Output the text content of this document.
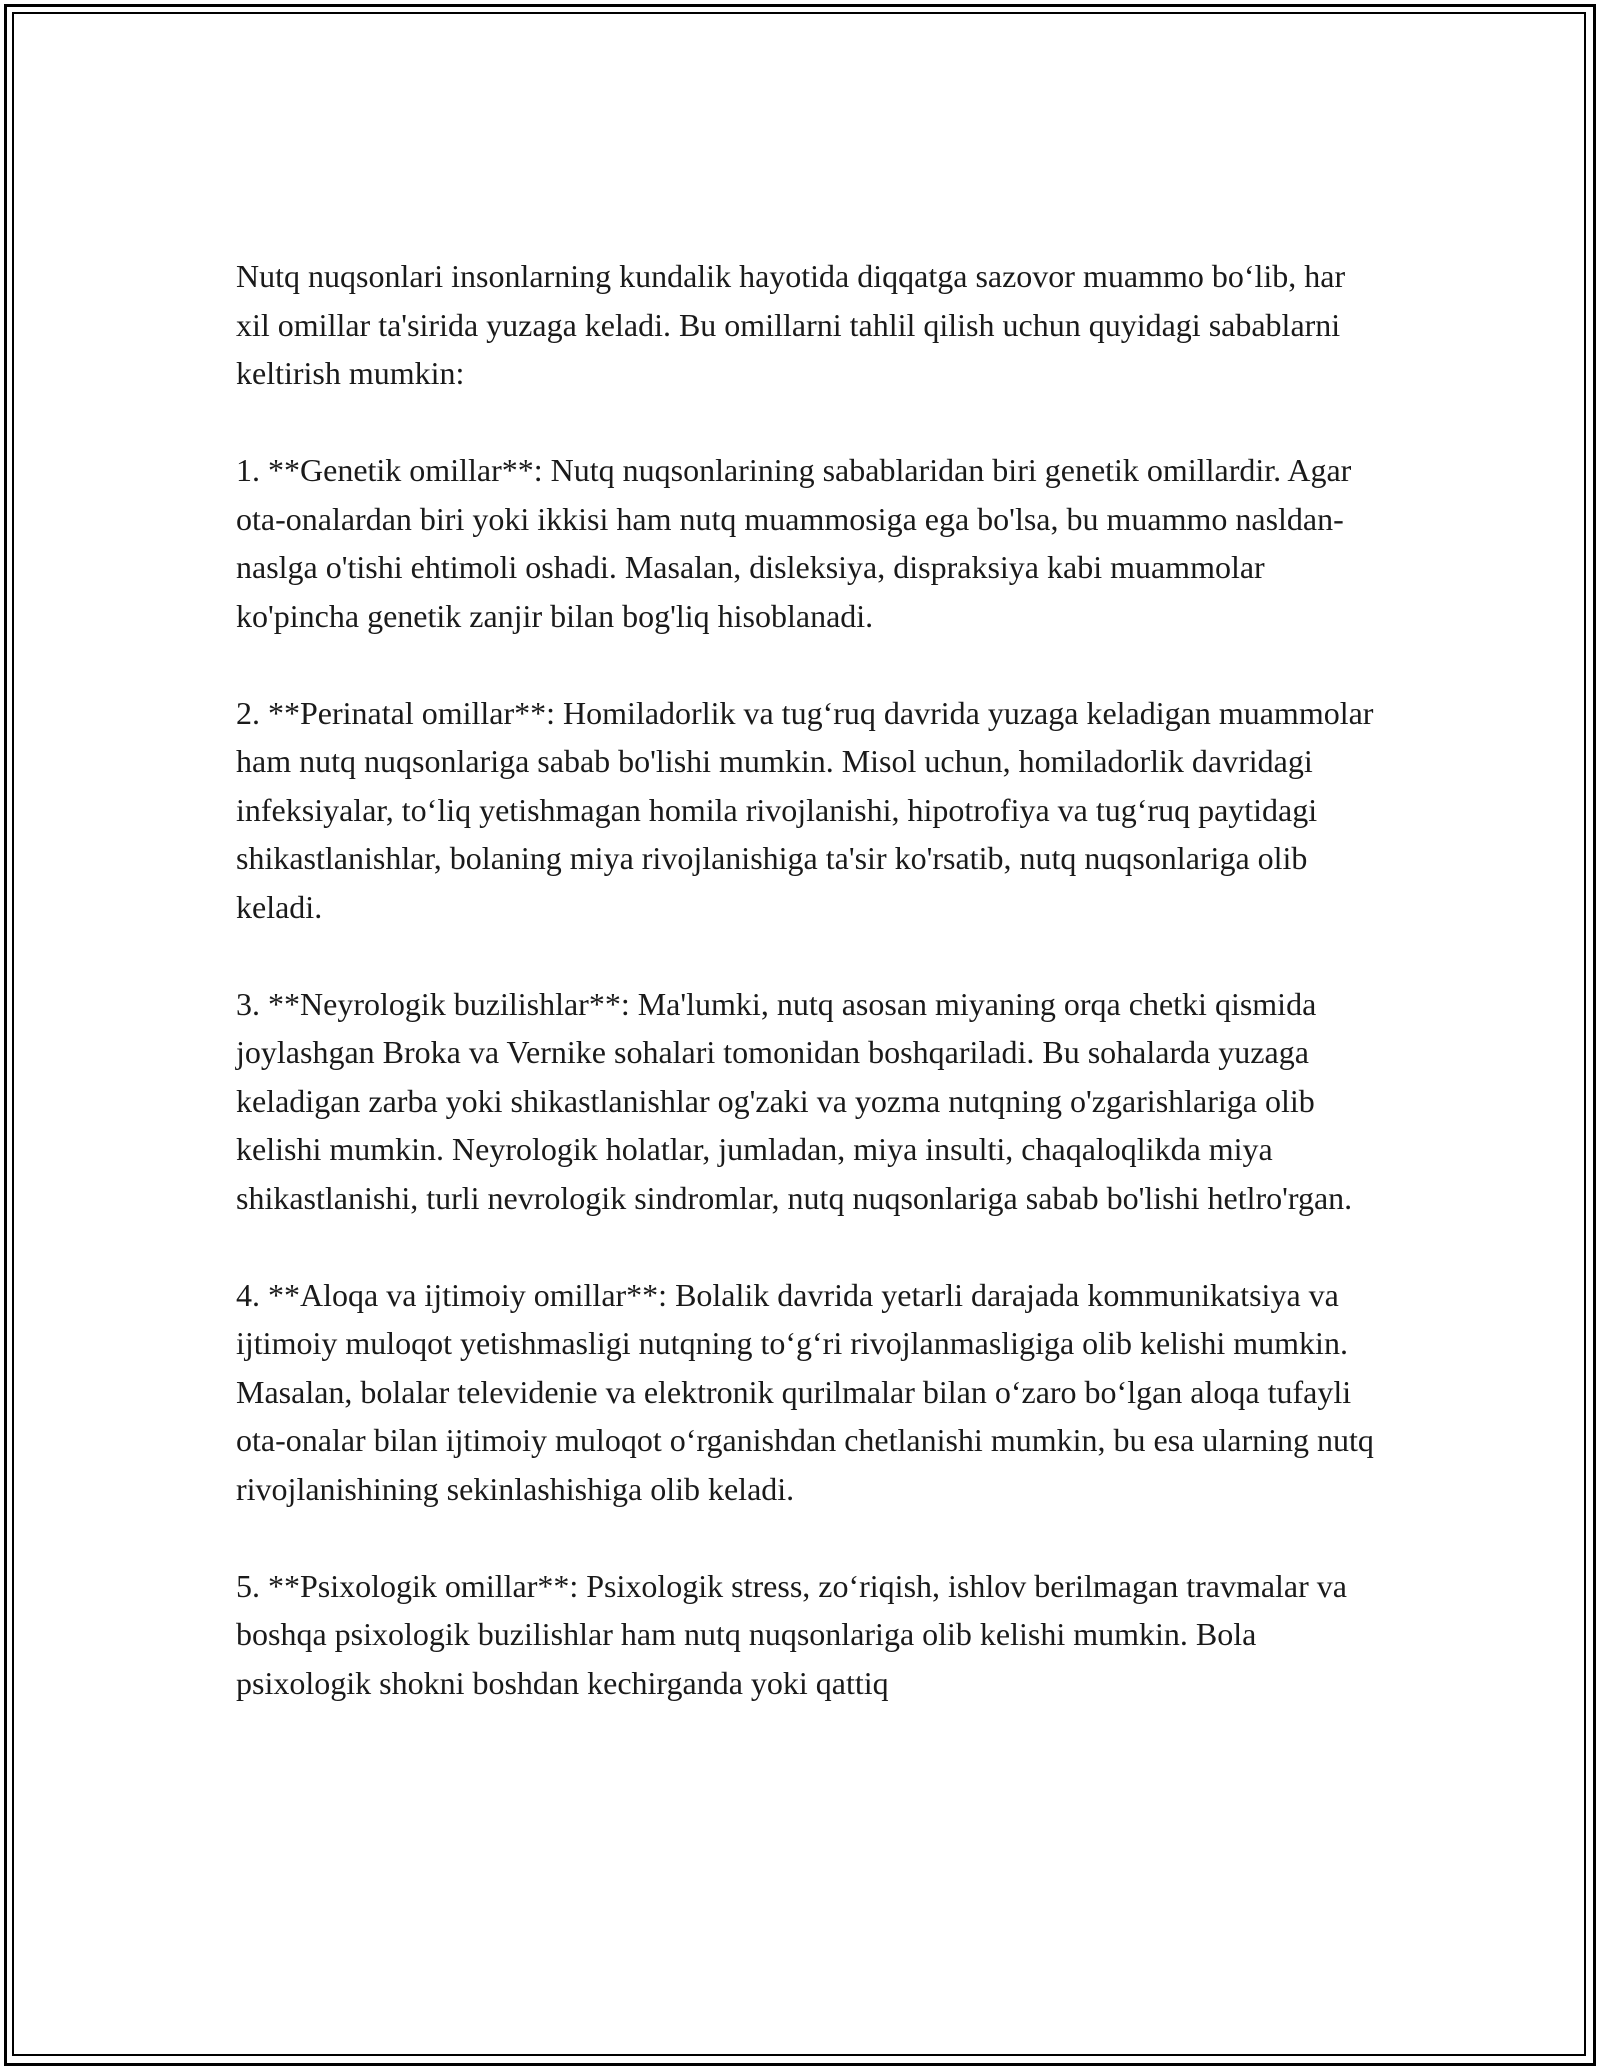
Nutq nuqsonlari insonlarning kundalik hayotida diqqatga sazovor muammo bo‘lib, har xil omillar ta'sirida yuzaga keladi. Bu omillarni tahlil qilish uchun quyidagi sabablarni keltirish mumkin:

1. **Genetik omillar**: Nutq nuqsonlarining sabablaridan biri genetik omillardir. Agar ota-onalardan biri yoki ikkisi ham nutq muammosiga ega bo'lsa, bu muammo nasldan-naslga o'tishi ehtimoli oshadi. Masalan, disleksiya, dispraksiya kabi muammolar ko'pincha genetik zanjir bilan bog'liq hisoblanadi.

2. **Perinatal omillar**: Homiladorlik va tug‘ruq davrida yuzaga keladigan muammolar ham nutq nuqsonlariga sabab bo'lishi mumkin. Misol uchun, homiladorlik davridagi infeksiyalar, to‘liq yetishmagan homila rivojlanishi, hipotrofiya va tug‘ruq paytidagi shikastlanishlar, bolaning miya rivojlanishiga ta'sir ko'rsatib, nutq nuqsonlariga olib keladi.

3. **Neyrologik buzilishlar**: Ma'lumki, nutq asosan miyaning orqa chetki qismida joylashgan Broka va Vernike sohalari tomonidan boshqariladi. Bu sohalarda yuzaga keladigan zarba yoki shikastlanishlar og'zaki va yozma nutqning o'zgarishlariga olib kelishi mumkin. Neyrologik holatlar, jumladan, miya insulti, chaqaloqlikda miya shikastlanishi, turli nevrologik sindromlar, nutq nuqsonlariga sabab bo'lishi hetlro'rgan.

4. **Aloqa va ijtimoiy omillar**: Bolalik davrida yetarli darajada kommunikatsiya va ijtimoiy muloqot yetishmasligi nutqning to‘g‘ri rivojlanmasligiga olib kelishi mumkin. Masalan, bolalar televidenie va elektronik qurilmalar bilan o‘zaro bo‘lgan aloqa tufayli ota-onalar bilan ijtimoiy muloqot o‘rganishdan chetlanishi mumkin, bu esa ularning nutq rivojlanishining sekinlashishiga olib keladi.

5. **Psixologik omillar**: Psixologik stress, zo‘riqish, ishlov berilmagan travmalar va boshqa psixologik buzilishlar ham nutq nuqsonlariga olib kelishi mumkin. Bola psixologik shokni boshdan kechirganda yoki qattiq
